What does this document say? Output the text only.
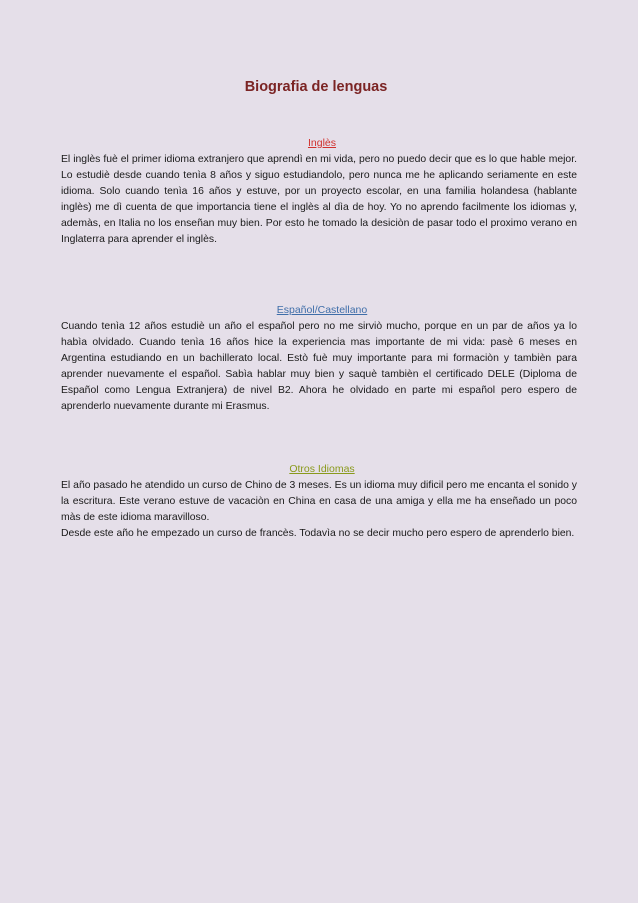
Biografia de lenguas
Inglès

El inglès fuè el primer idioma extranjero que aprendì en mi vida, pero no puedo decir que es lo que hable mejor. Lo estudiè desde cuando tenìa 8 años y siguo estudiandolo, pero nunca me he aplicando seriamente en este idioma. Solo cuando tenìa 16 años y estuve, por un proyecto escolar, en una familia holandesa (hablante inglès) me dì cuenta de que importancia tiene el inglès al dìa de hoy. Yo no aprendo facilmente los idiomas y, ademàs, en Italia no los enseñan muy bien. Por esto he tomado la desiciòn de pasar todo el proximo verano en Inglaterra para aprender el inglès.

Español/Castellano

Cuando tenìa 12 años estudiè un año el español pero no me sirviò mucho, porque en un par de años ya lo habìa olvidado. Cuando tenìa 16 años hice la experiencia mas importante de mi vida: pasè 6 meses en Argentina estudiando en un bachillerato local. Estò fuè muy importante para mi formaciòn y tambièn para aprender nuevamente el español. Sabìa hablar muy bien y saquè tambièn el certificado DELE (Diploma de Español como Lengua Extranjera) de nivel B2. Ahora he olvidado en parte mi español pero espero de aprenderlo nuevamente durante mi Erasmus.

Otros Idiomas

El año pasado he atendido un curso de Chino de 3 meses. Es un idioma muy dificil pero me encanta el sonido y la escritura. Este verano estuve de vacaciòn en China en casa de una amiga y ella me ha enseñado un poco màs de este idioma maravilloso.

Desde este año he empezado un curso de francès. Todavìa no se decir mucho pero espero de aprenderlo bien.
